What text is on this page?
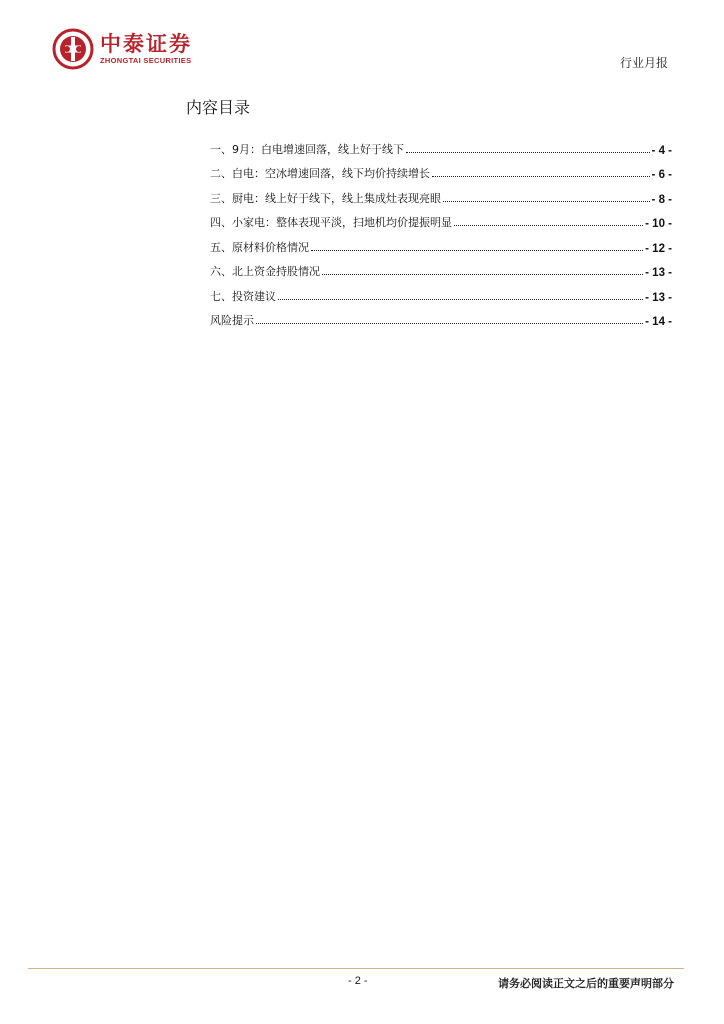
中泰证券
ZHONGTAI SECURITIES	行业月报
内容目录
一、9月：白电增速回落，线上好于线下	- 4 -
二、白电：空冰增速回落，线下均价持续增长	- 6 -
三、厨电：线上好于线下，线上集成灶表现亮眼	- 8 -
四、小家电：整体表现平淡，扫地机均价提振明显	- 10 -
五、原材料价格情况	- 12 -
六、北上资金持股情况	- 13 -
七、投资建议	- 13 -
风险提示	- 14 -
- 2 -	请务必阅读正文之后的重要声明部分
